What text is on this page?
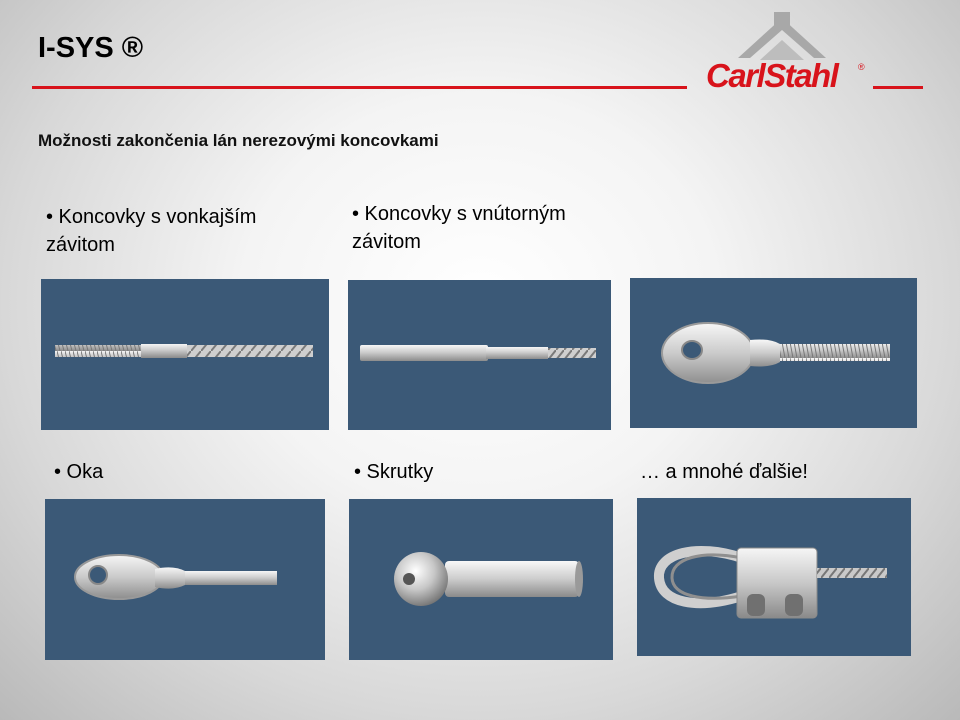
I-SYS ®
CarlStahl ®
Možnosti zakončenia lán nerezovými koncovkami
• Koncovky s vonkajším závitom
• Koncovky s vnútorným závitom
• Oka	• Skrutky	… a mnohé ďalšie!
